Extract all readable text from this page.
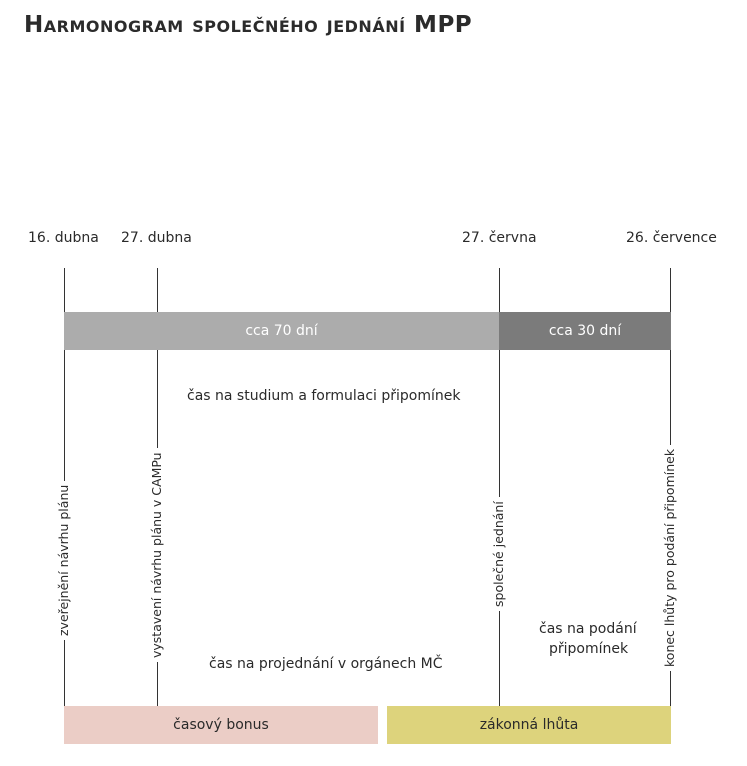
Harmonogram společného jednání MPP
16. dubna 27. dubna	27. června	26. července
cca 70 dní	cca 30 dní
čas na studium a formulaci připomínek
čas na podání
připomínek
čas na projednání v orgánech MČ
zveřejnění návrhu plánu	vystavení návrhu plánu v CAMPu	společné jednání	konec lhůty pro podání připomínek
časový bonus	zákonná lhůta
